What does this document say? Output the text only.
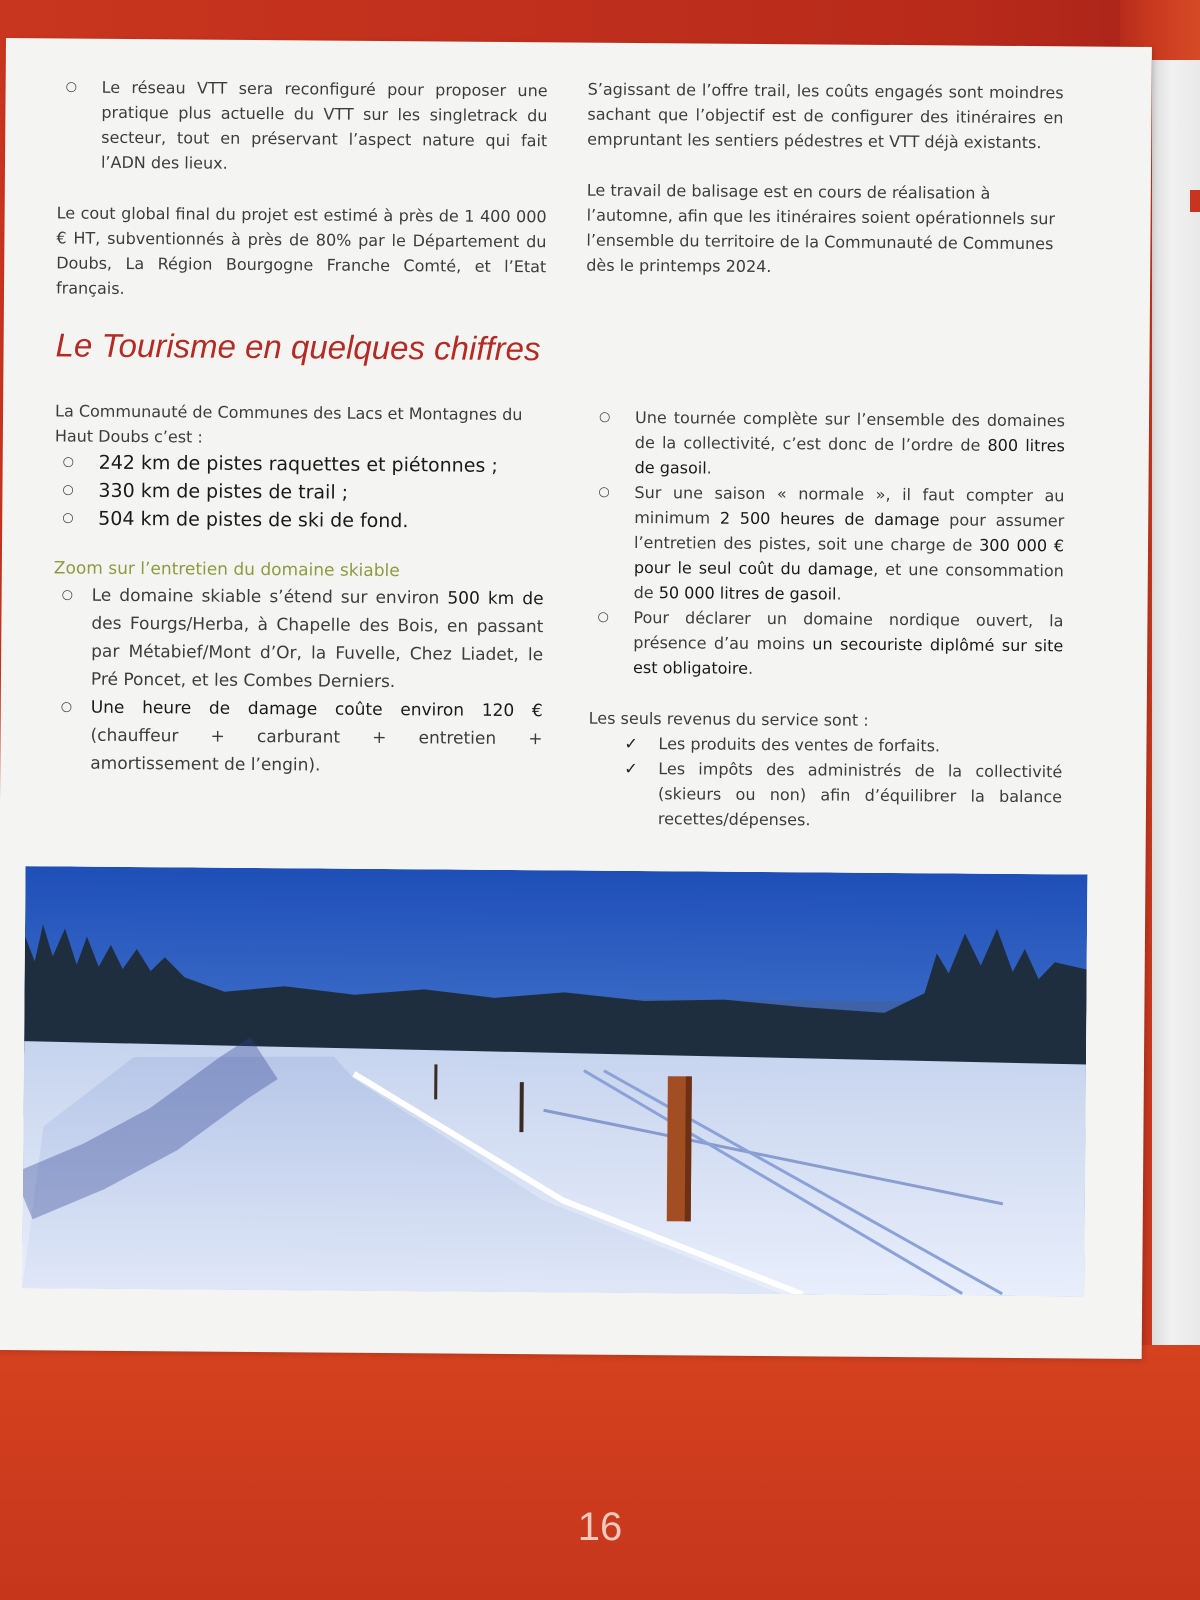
○ Le réseau VTT sera reconfiguré pour proposer une pratique plus actuelle du VTT sur les singletrack du secteur, tout en préservant l’aspect nature qui fait l’ADN des lieux.

Le cout global final du projet est estimé à près de 1 400 000 € HT, subventionnés à près de 80% par le Département du Doubs, La Région Bourgogne Franche Comté, et l’Etat français.

S’agissant de l’offre trail, les coûts engagés sont moindres sachant que l’objectif est de configurer des itinéraires en empruntant les sentiers pédestres et VTT déjà existants.

Le travail de balisage est en cours de réalisation à l’automne, afin que les itinéraires soient opérationnels sur l’ensemble du territoire de la Communauté de Communes dès le printemps 2024.

Le Tourisme en quelques chiffres

La Communauté de Communes des Lacs et Montagnes du Haut Doubs c’est :

○ 242 km de pistes raquettes et piétonnes ;
○ 330 km de pistes de trail ;
○ 504 km de pistes de ski de fond.
Zoom sur l’entretien du domaine skiable
○ Le domaine skiable s’étend sur environ 500 km de des Fourgs/Herba, à Chapelle des Bois, en passant par Métabief/Mont d’Or, la Fuvelle, Chez Liadet, le Pré Poncet, et les Combes Derniers.
○ Une heure de damage coûte environ 120 € (chauffeur + carburant + entretien + amortissement de l’engin).
○ Une tournée complète sur l’ensemble des domaines de la collectivité, c’est donc de l’ordre de 800 litres de gasoil.
○ Sur une saison « normale », il faut compter au minimum 2 500 heures de damage pour assumer l’entretien des pistes, soit une charge de 300 000 € pour le seul coût du damage, et une consommation de 50 000 litres de gasoil.
○ Pour déclarer un domaine nordique ouvert, la présence d’au moins un secouriste diplômé sur site est obligatoire.

Les seuls revenus du service sont :

✓ Les produits des ventes de forfaits.
✓ Les impôts des administrés de la collectivité (skieurs ou non) afin d’équilibrer la balance recettes/dépenses.
16
